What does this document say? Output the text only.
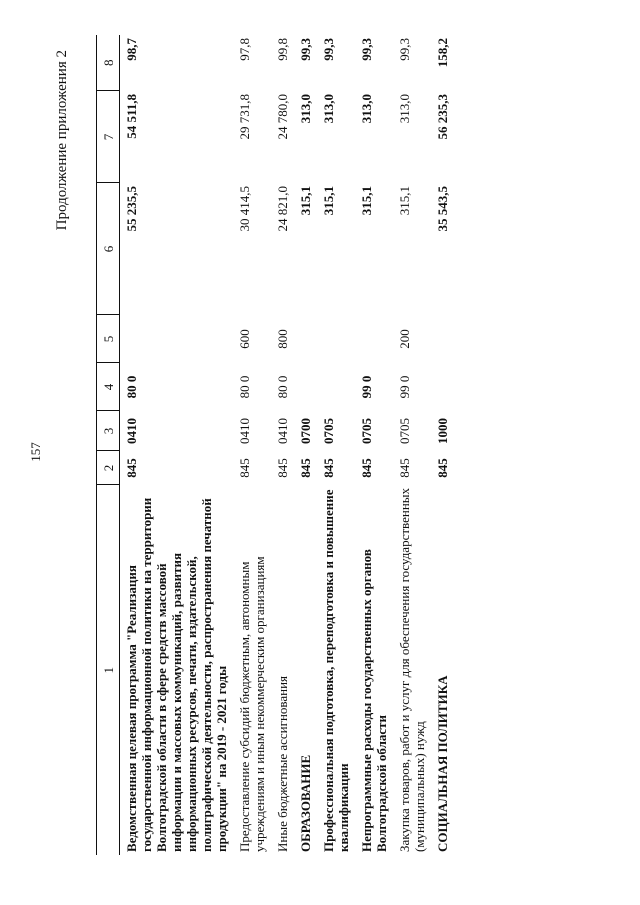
157
Продолжение приложения 2
1	2	3	4	5	6	7	8
Ведомственная целевая программа "Реализация государственной информационной политики на территории Волгоградской области в сфере средств массовой информации и массовых коммуникаций, развития информационных ресурсов, печати, издательской, полиграфической деятельности, распространения печатной продукции" на 2019 - 2021 годы	845	0410	80 0		55 235,5	54 511,8	98,7
Предоставление субсидий бюджетным, автономным учреждениям и иным некоммерческим организациям	845	0410	80 0	600	30 414,5	29 731,8	97,8
Иные бюджетные ассигнования	845	0410	80 0	800	24 821,0	24 780,0	99,8
ОБРАЗОВАНИЕ	845	0700			315,1	313,0	99,3
Профессиональная подготовка, переподготовка и повышение квалификации	845	0705			315,1	313,0	99,3
Непрограммные расходы государственных органов Волгоградской области	845	0705	99 0		315,1	313,0	99,3
Закупка товаров, работ и услуг для обеспечения государственных (муниципальных) нужд	845	0705	99 0	200	315,1	313,0	99,3
СОЦИАЛЬНАЯ ПОЛИТИКА	845	1000			35 543,5	56 235,3	158,2
